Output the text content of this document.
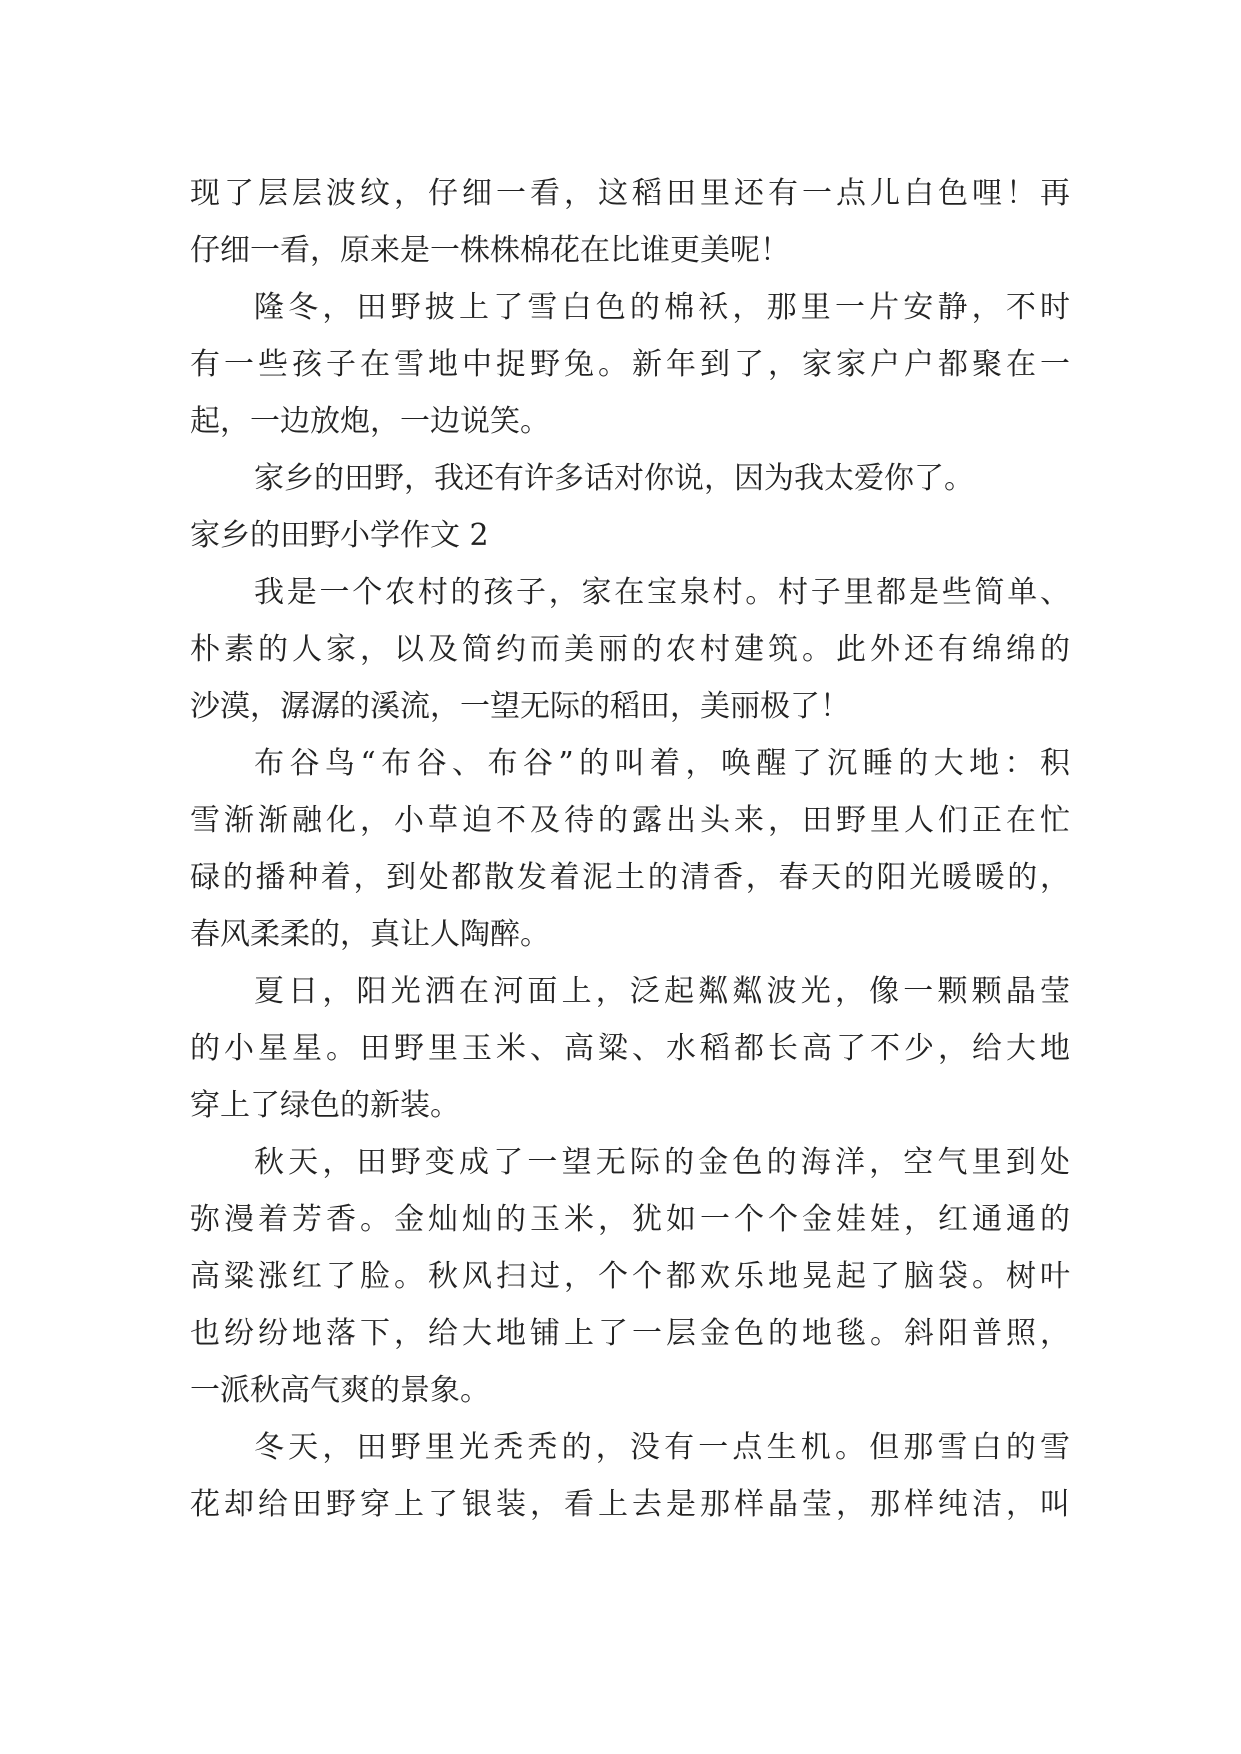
现了层层波纹，仔细一看，这稻田里还有一点儿白色哩！再
仔细一看，原来是一株株棉花在比谁更美呢！
隆冬，田野披上了雪白色的棉袄，那里一片安静，不时
有一些孩子在雪地中捉野兔。新年到了，家家户户都聚在一
起，一边放炮，一边说笑。
家乡的田野，我还有许多话对你说，因为我太爱你了。
家乡的田野小学作文 2
我是一个农村的孩子，家在宝泉村。村子里都是些简单、
朴素的人家，以及简约而美丽的农村建筑。此外还有绵绵的
沙漠，潺潺的溪流，一望无际的稻田，美丽极了！
布谷鸟“布谷、布谷”的叫着，唤醒了沉睡的大地：积
雪渐渐融化，小草迫不及待的露出头来，田野里人们正在忙
碌的播种着，到处都散发着泥土的清香，春天的阳光暖暖的，
春风柔柔的，真让人陶醉。
夏日，阳光洒在河面上，泛起粼粼波光，像一颗颗晶莹
的小星星。田野里玉米、高粱、水稻都长高了不少，给大地
穿上了绿色的新装。
秋天，田野变成了一望无际的金色的海洋，空气里到处
弥漫着芳香。金灿灿的玉米，犹如一个个金娃娃，红通通的
高粱涨红了脸。秋风扫过，个个都欢乐地晃起了脑袋。树叶
也纷纷地落下，给大地铺上了一层金色的地毯。斜阳普照，
一派秋高气爽的景象。
冬天，田野里光秃秃的，没有一点生机。但那雪白的雪
花却给田野穿上了银装，看上去是那样晶莹，那样纯洁，叫
